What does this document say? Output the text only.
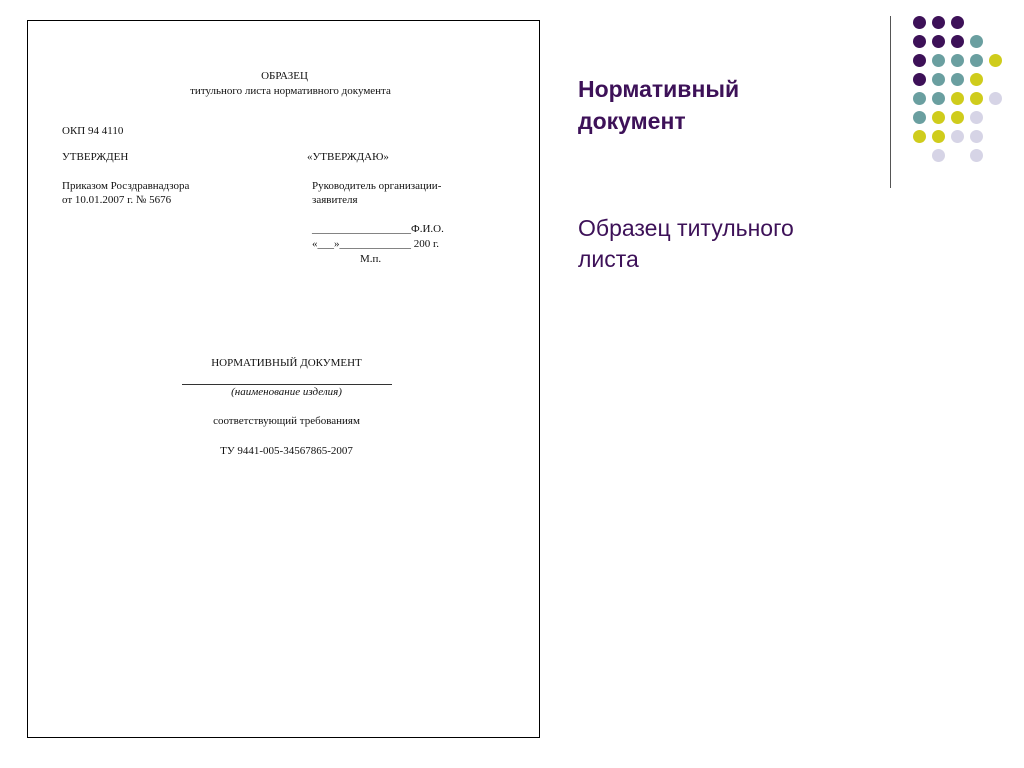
ОБРАЗЕЦ
титульного листа нормативного документа
ОКП 94 4110
УТВЕРЖДЕН	«УТВЕРЖДАЮ»
Приказом Росздравнадзора
от 10.01.2007 г. № 5676
Руководитель организации-
заявителя
__________________Ф.И.О.
«___»_____________ 200 г.
М.п.
НОРМАТИВНЫЙ ДОКУМЕНТ
(наименование изделия)
соответствующий требованиям
ТУ 9441-005-34567865-2007
Нормативный документ
Образец титульного листа
